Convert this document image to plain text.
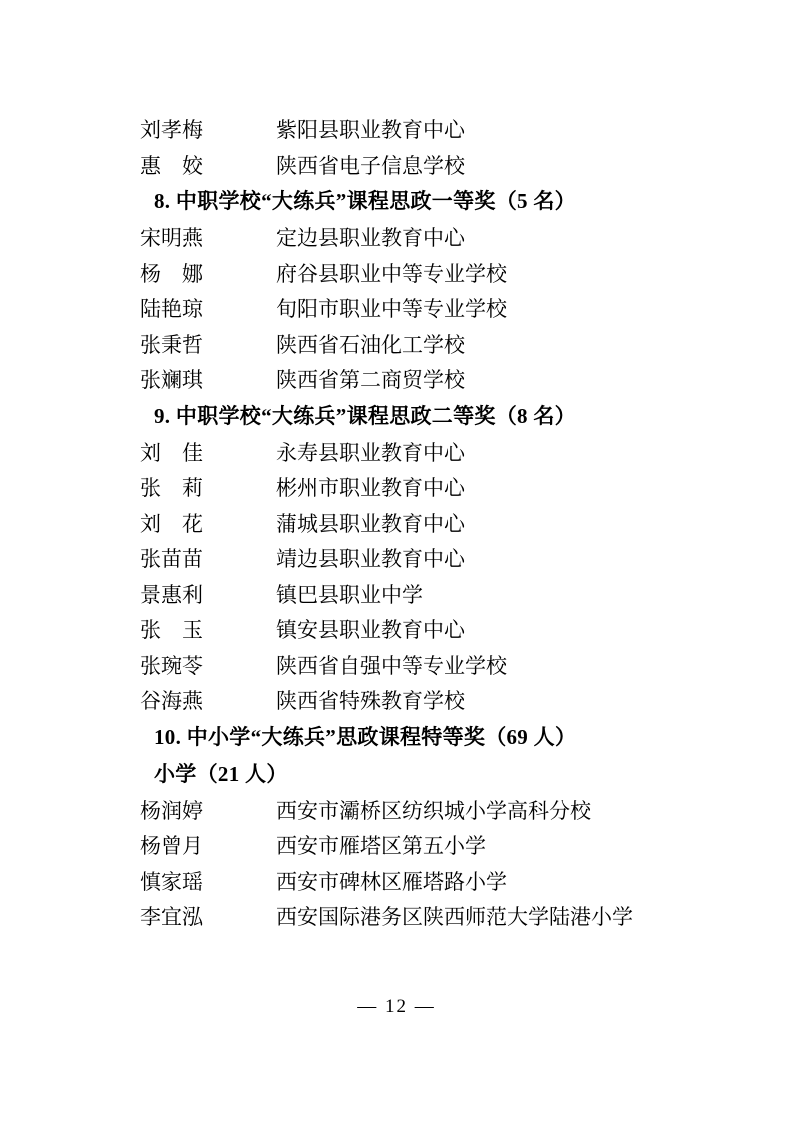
刘孝梅	紫阳县职业教育中心
惠　姣	陕西省电子信息学校
8. 中职学校“大练兵”课程思政一等奖（5 名）
宋明燕	定边县职业教育中心
杨　娜	府谷县职业中等专业学校
陆艳琼	旬阳市职业中等专业学校
张秉哲	陕西省石油化工学校
张斓琪	陕西省第二商贸学校
9. 中职学校“大练兵”课程思政二等奖（8 名）
刘　佳	永寿县职业教育中心
张　莉	彬州市职业教育中心
刘　花	蒲城县职业教育中心
张苗苗	靖边县职业教育中心
景惠利	镇巴县职业中学
张　玉	镇安县职业教育中心
张琬苓	陕西省自强中等专业学校
谷海燕	陕西省特殊教育学校
10. 中小学“大练兵”思政课程特等奖（69 人）
小学（21 人）
杨润婷	西安市灞桥区纺织城小学高科分校
杨曾月	西安市雁塔区第五小学
慎家瑶	西安市碑林区雁塔路小学
李宜泓	西安国际港务区陕西师范大学陆港小学
— 12 —
